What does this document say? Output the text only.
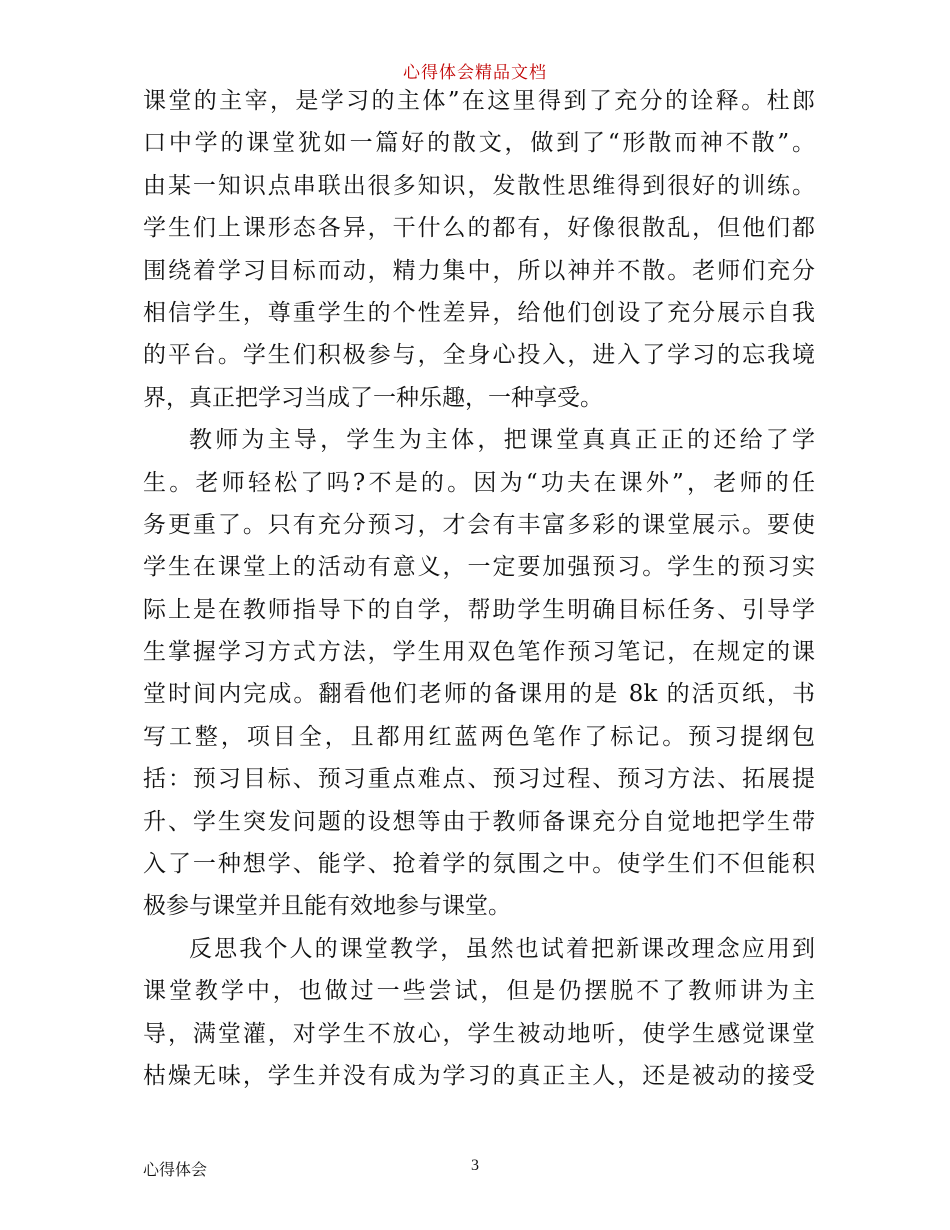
心得体会精品文档
课堂的主宰，是学习的主体”在这里得到了充分的诠释。杜郎
口中学的课堂犹如一篇好的散文，做到了“形散而神不散”。
由某一知识点串联出很多知识，发散性思维得到很好的训练。
学生们上课形态各异，干什么的都有，好像很散乱，但他们都
围绕着学习目标而动，精力集中，所以神并不散。老师们充分
相信学生，尊重学生的个性差异，给他们创设了充分展示自我
的平台。学生们积极参与，全身心投入，进入了学习的忘我境
界，真正把学习当成了一种乐趣，一种享受。
教师为主导，学生为主体，把课堂真真正正的还给了学
生。老师轻松了吗?不是的。因为“功夫在课外”，老师的任
务更重了。只有充分预习，才会有丰富多彩的课堂展示。要使
学生在课堂上的活动有意义，一定要加强预习。学生的预习实
际上是在教师指导下的自学，帮助学生明确目标任务、引导学
生掌握学习方式方法，学生用双色笔作预习笔记，在规定的课
堂时间内完成。翻看他们老师的备课用的是 8k 的活页纸，书
写工整，项目全，且都用红蓝两色笔作了标记。预习提纲包
括：预习目标、预习重点难点、预习过程、预习方法、拓展提
升、学生突发问题的设想等由于教师备课充分自觉地把学生带
入了一种想学、能学、抢着学的氛围之中。使学生们不但能积
极参与课堂并且能有效地参与课堂。
反思我个人的课堂教学，虽然也试着把新课改理念应用到
课堂教学中，也做过一些尝试，但是仍摆脱不了教师讲为主
导，满堂灌，对学生不放心，学生被动地听，使学生感觉课堂
枯燥无味，学生并没有成为学习的真正主人，还是被动的接受
心得体会	3
